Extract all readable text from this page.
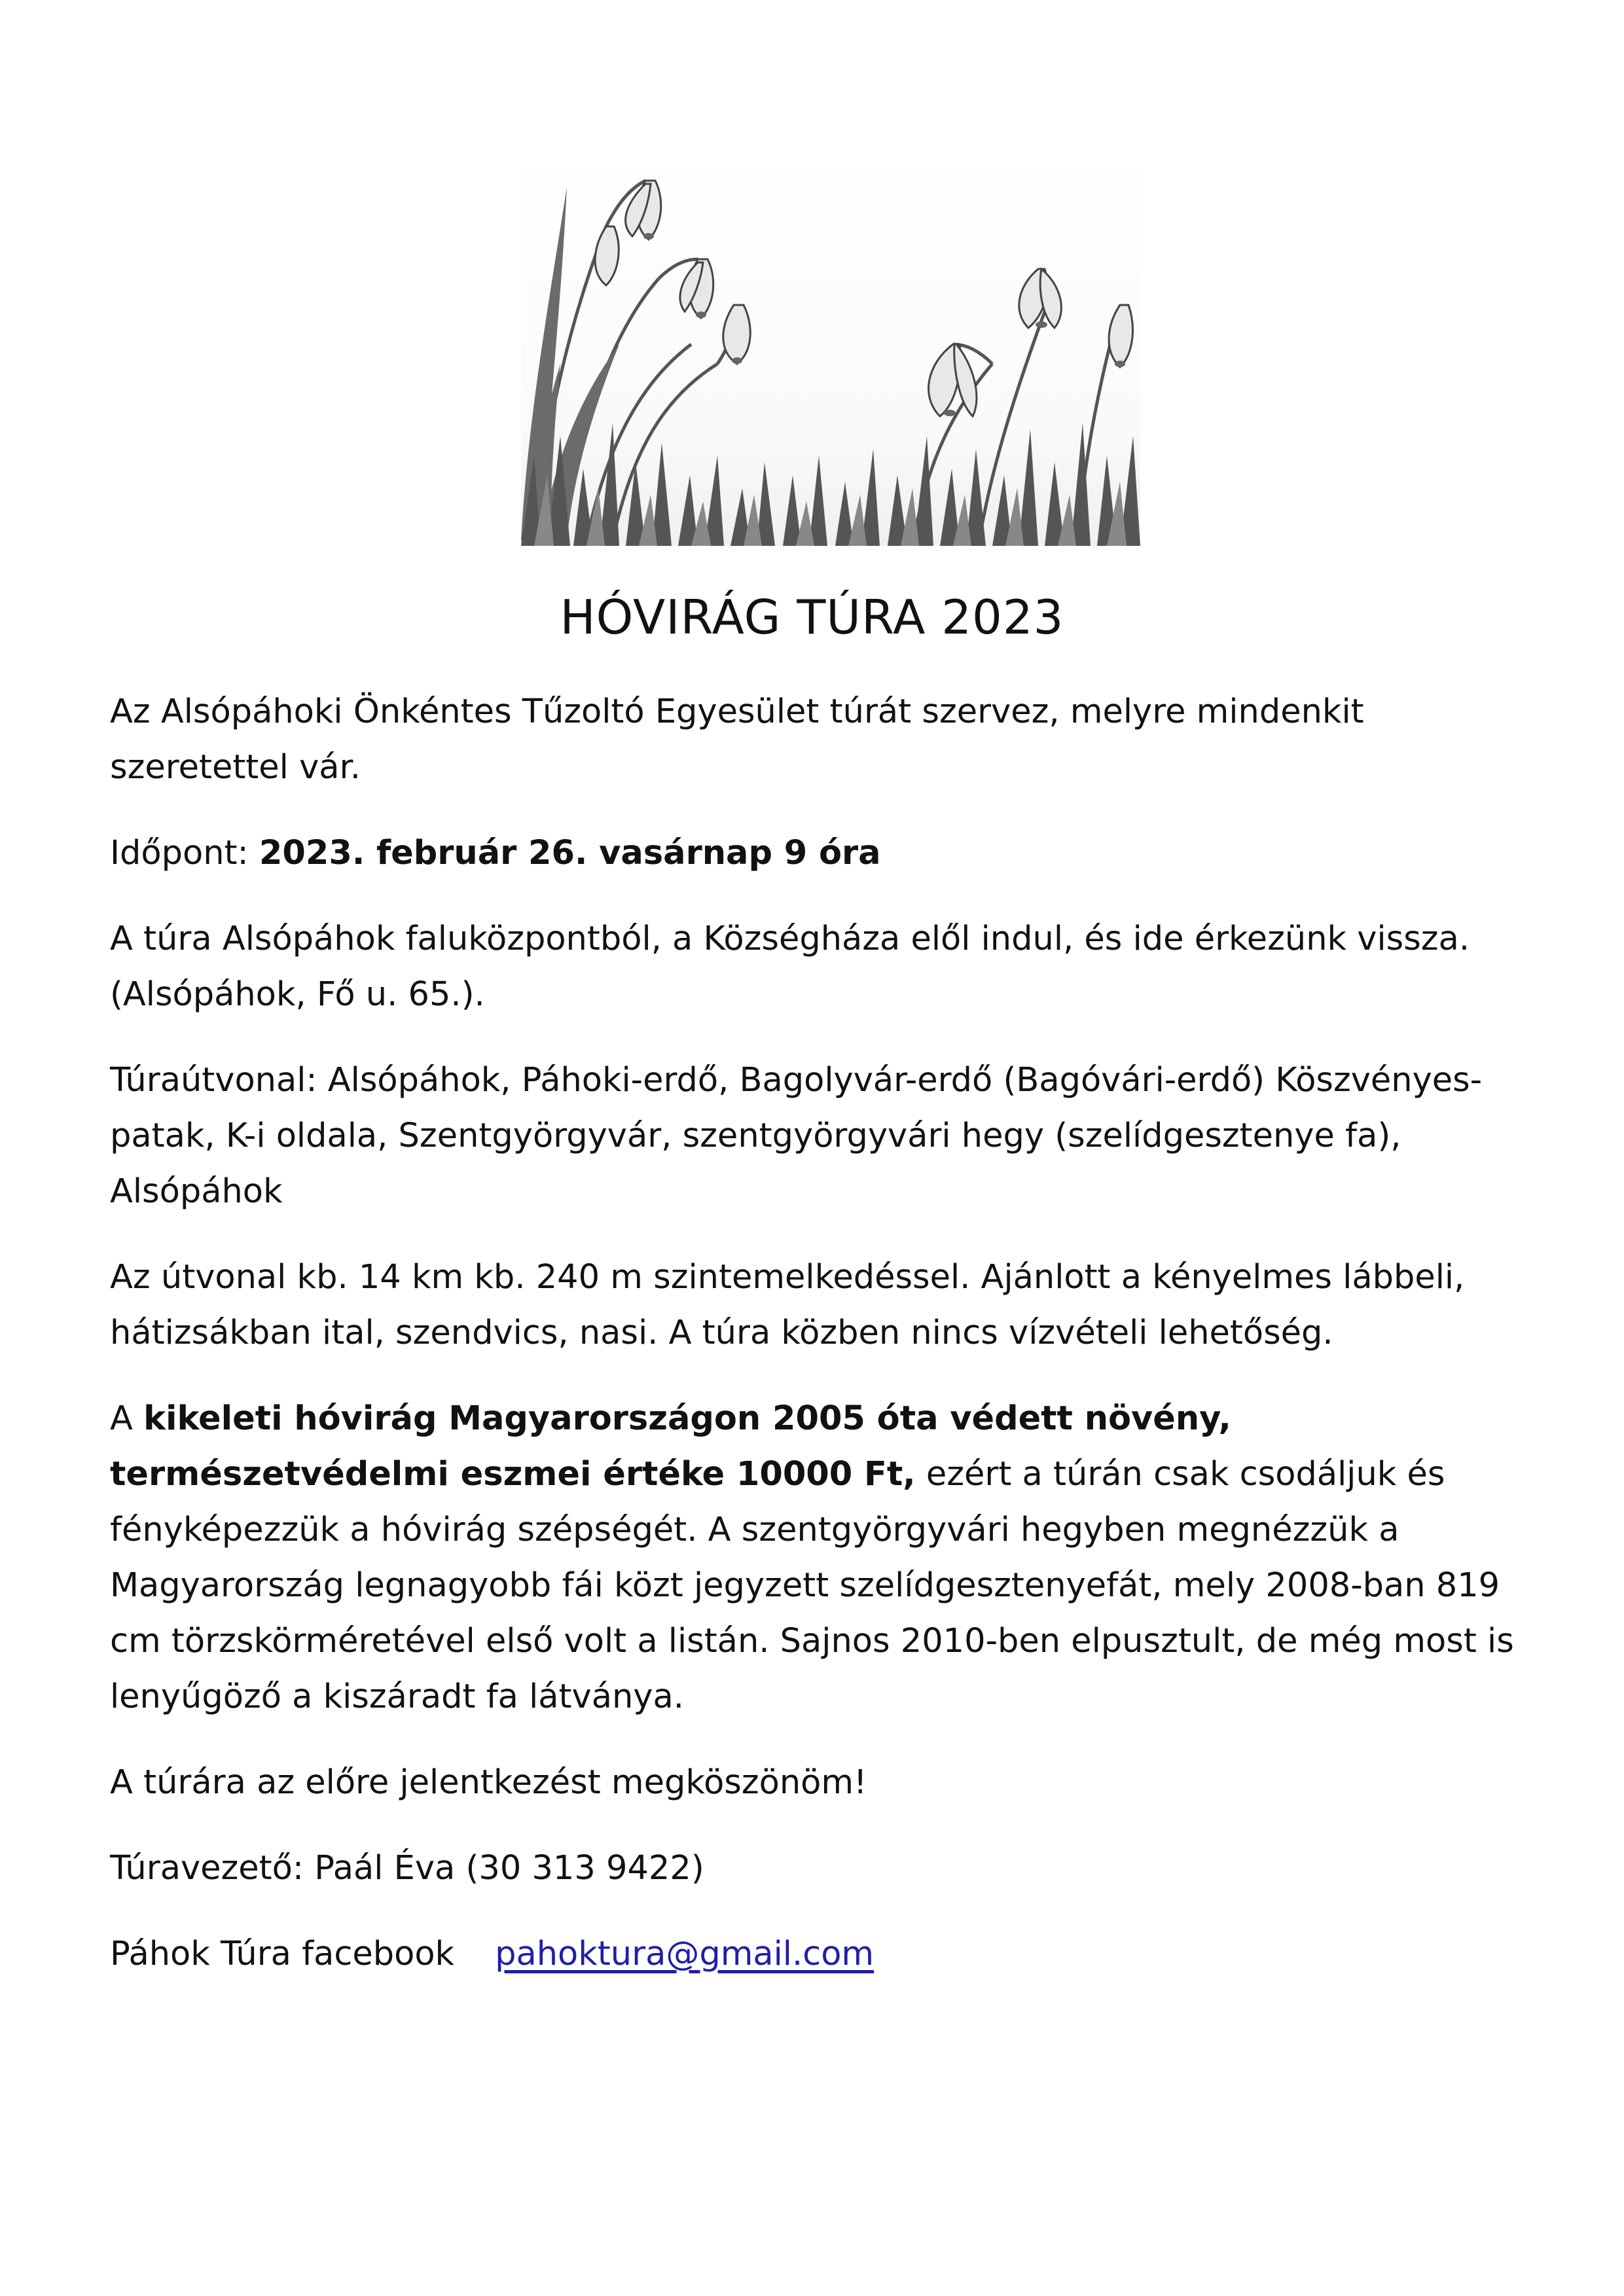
HÓVIRÁG TÚRA 2023

Az Alsópáhoki Önkéntes Tűzoltó Egyesület túrát szervez, melyre mindenkit szeretettel vár.

Időpont: 2023. február 26. vasárnap 9 óra

A túra Alsópáhok faluközpontból, a Községháza elől indul, és ide érkezünk vissza.
(Alsópáhok, Fő u. 65.).

Túraútvonal: Alsópáhok, Páhoki-erdő, Bagolyvár-erdő (Bagóvári-erdő) Köszvényes-patak, K-i oldala, Szentgyörgyvár, szentgyörgyvári hegy (szelídgesztenye fa), Alsópáhok

Az útvonal kb. 14 km kb. 240 m szintemelkedéssel. Ajánlott a kényelmes lábbeli, hátizsákban ital, szendvics, nasi. A túra közben nincs vízvételi lehetőség.

A kikeleti hóvirág Magyarországon 2005 óta védett növény, természetvédelmi eszmei értéke 10000 Ft, ezért a túrán csak csodáljuk és fényképezzük a hóvirág szépségét. A szentgyörgyvári hegyben megnézzük a Magyarország legnagyobb fái közt jegyzett szelídgesztenyefát, mely 2008-ban 819 cm törzskörméretével első volt a listán. Sajnos 2010-ben elpusztult, de még most is lenyűgöző a kiszáradt fa látványa.

A túrára az előre jelentkezést megköszönöm!

Túravezető: Paál Éva (30 313 9422)

Páhok Túra facebook pahoktura@gmail.com
